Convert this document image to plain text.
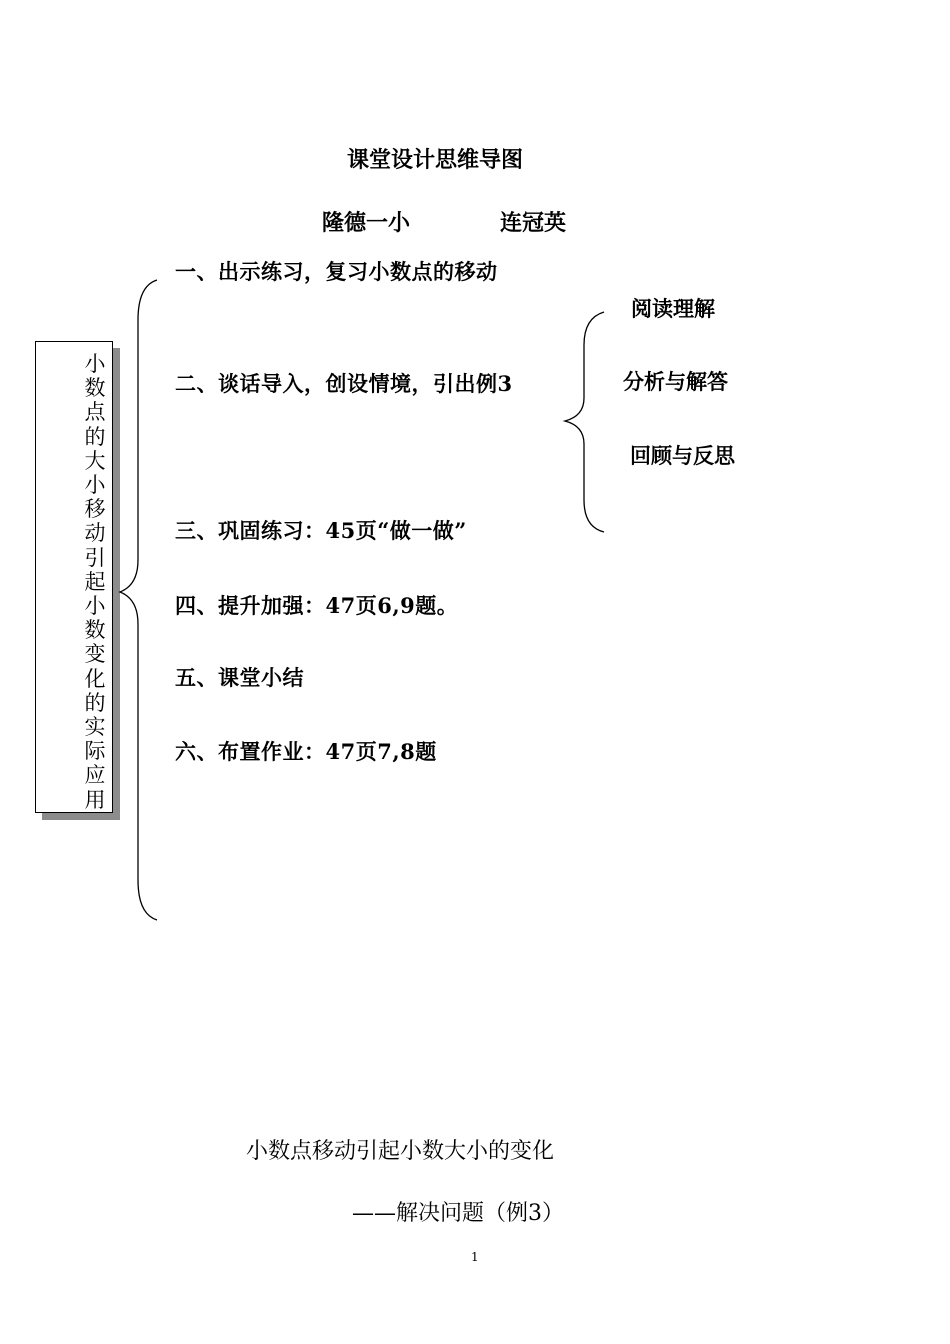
课堂设计思维导图
隆德一小	连冠英
小数点的大小移动引起小数变化的实际应用
一、出示练习，复习小数点的移动
二、谈话导入，创设情境，引出例3
三、巩固练习：45页“做一做”
四、提升加强：47页6,9题。
五、课堂小结
六、布置作业：47页7,8题
阅读理解
分析与解答
回顾与反思
小数点移动引起小数大小的变化
——解决问题（例3）
1
